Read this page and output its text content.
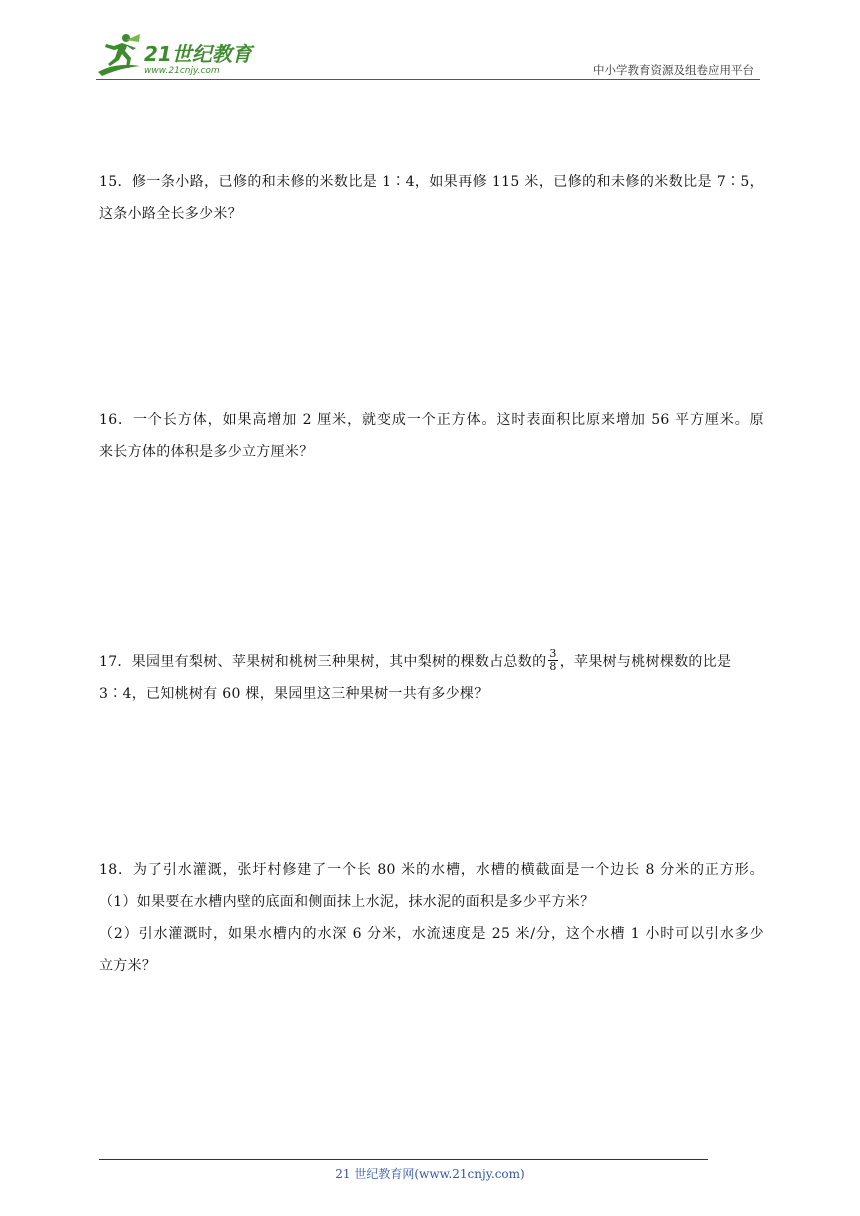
21世纪教育
www.21cnjy.com	中小学教育资源及组卷应用平台
15．修一条小路，已修的和未修的米数比是 1∶4，如果再修 115 米，已修的和未修的米数比是 7∶5，
这条小路全长多少米？
16．一个长方体，如果高增加 2 厘米，就变成一个正方体。这时表面积比原来增加 56 平方厘米。原
来长方体的体积是多少立方厘米？
17．果园里有梨树、苹果树和桃树三种果树，其中梨树的棵数占总数的 $\frac{3}{8}$ ，苹果树与桃树棵数的比是
3∶4，已知桃树有 60 棵，果园里这三种果树一共有多少棵？
18．为了引水灌溉，张圩村修建了一个长 80 米的水槽，水槽的横截面是一个边长 8 分米的正方形。
（1）如果要在水槽内壁的底面和侧面抹上水泥，抹水泥的面积是多少平方米？
（2）引水灌溉时，如果水槽内的水深 6 分米，水流速度是 25 米/分，这个水槽 1 小时可以引水多少
立方米？
21 世纪教育网(www.21cnjy.com)
